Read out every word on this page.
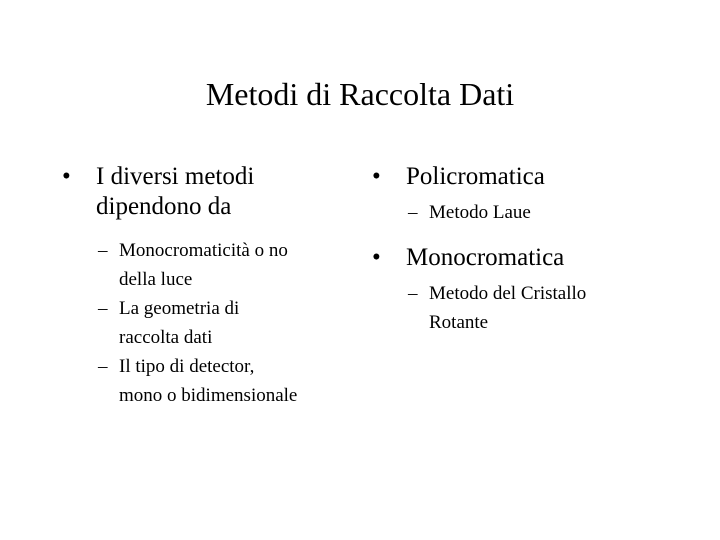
Metodi di Raccolta Dati
• I diversi metodi
dipendono da
– Monocromaticità o no
della luce
– La geometria di
raccolta dati
– Il tipo di detector,
mono o bidimensionale
• Policromatica
– Metodo Laue
• Monocromatica
– Metodo del Cristallo
Rotante
